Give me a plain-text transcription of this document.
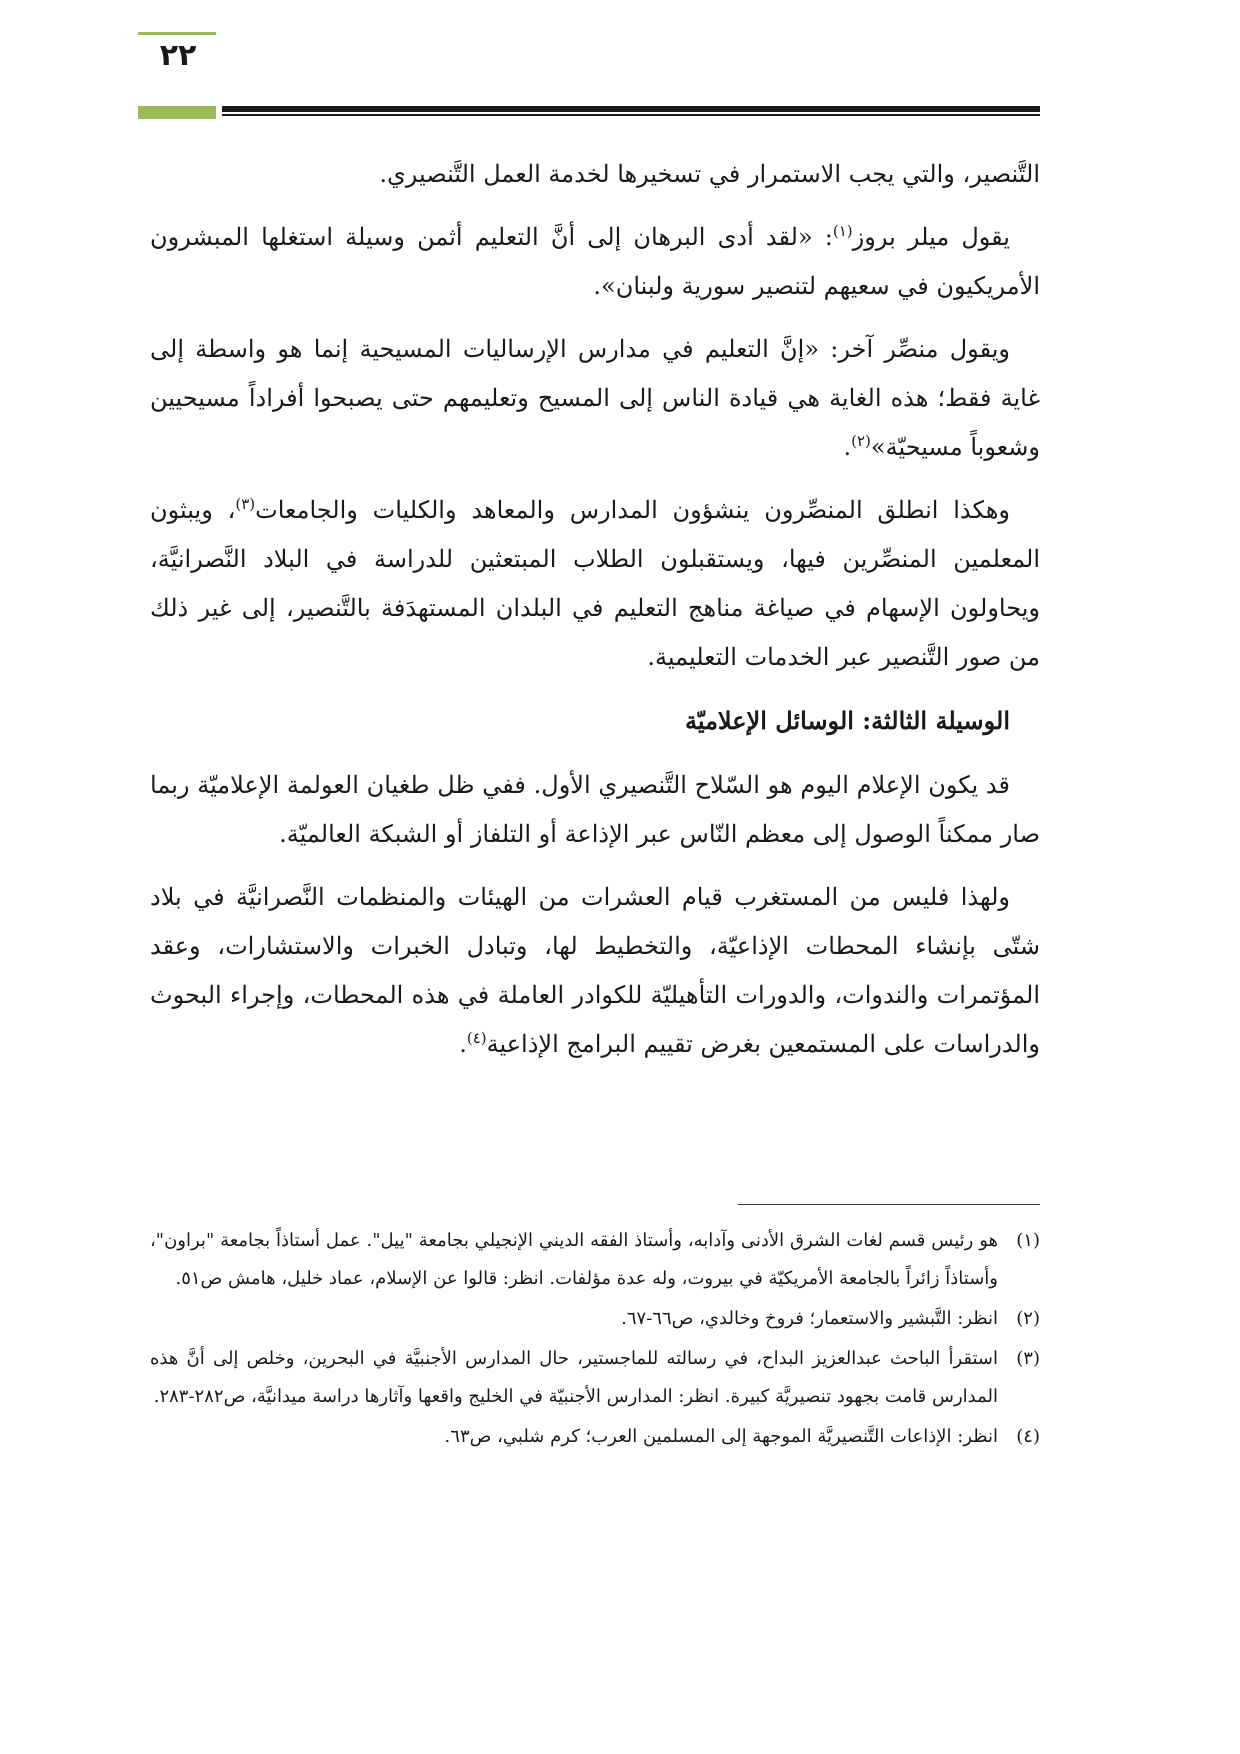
٢٢

التَّنصير، والتي يجب الاستمرار في تسخيرها لخدمة العمل التَّنصيري.

يقول ميلر بروز$^{(١)}$: «لقد أدى البرهان إلى أنَّ التعليم أثمن وسيلة استغلها المبشرون الأمريكيون في سعيهم لتنصير سورية ولبنان».

ويقول منصِّر آخر: «إنَّ التعليم في مدارس الإرساليات المسيحية إنما هو واسطة إلى غاية فقط؛ هذه الغاية هي قيادة الناس إلى المسيح وتعليمهم حتى يصبحوا أفراداً مسيحيين وشعوباً مسيحيّة»$^{(٢)}$.

وهكذا انطلق المنصِّرون ينشؤون المدارس والمعاهد والكليات والجامعات$^{(٣)}$، ويبثون المعلمين المنصِّرين فيها، ويستقبلون الطلاب المبتعثين للدراسة في البلاد النَّصرانيَّة، ويحاولون الإسهام في صياغة مناهج التعليم في البلدان المستهدَفة بالتَّنصير، إلى غير ذلك من صور التَّنصير عبر الخدمات التعليمية.

الوسيلة الثالثة: الوسائل الإعلاميّة

قد يكون الإعلام اليوم هو السّلاح التَّنصيري الأول. ففي ظل طغيان العولمة الإعلاميّة ربما صار ممكناً الوصول إلى معظم النّاس عبر الإذاعة أو التلفاز أو الشبكة العالميّة.

ولهذا فليس من المستغرب قيام العشرات من الهيئات والمنظمات النَّصرانيَّة في بلاد شتّى بإنشاء المحطات الإذاعيّة، والتخطيط لها، وتبادل الخبرات والاستشارات، وعقد المؤتمرات والندوات، والدورات التأهيليّة للكوادر العاملة في هذه المحطات، وإجراء البحوث والدراسات على المستمعين بغرض تقييم البرامج الإذاعية$^{(٤)}$.

(١)
هو رئيس قسم لغات الشرق الأدنى وآدابه، وأستاذ الفقه الديني الإنجيلي بجامعة "ييل". عمل أستاذاً بجامعة "براون"، وأستاذاً زائراً بالجامعة الأمريكيّة في بيروت، وله عدة مؤلفات. انظر: قالوا عن الإسلام، عماد خليل، هامش ص٥١.
(٢)
انظر: التَّبشير والاستعمار؛ فروخ وخالدي، ص٦٦-٦٧.
(٣)
استقرأ الباحث عبدالعزيز البداح، في رسالته للماجستير، حال المدارس الأجنبيَّة في البحرين، وخلص إلى أنَّ هذه المدارس قامت بجهود تنصيريَّة كبيرة. انظر: المدارس الأجنبيّة في الخليج واقعها وآثارها دراسة ميدانيَّة، ص٢٨٢-٢٨٣.
(٤)
انظر: الإذاعات التَّنصيريَّة الموجهة إلى المسلمين العرب؛ كرم شلبي، ص٦٣.
